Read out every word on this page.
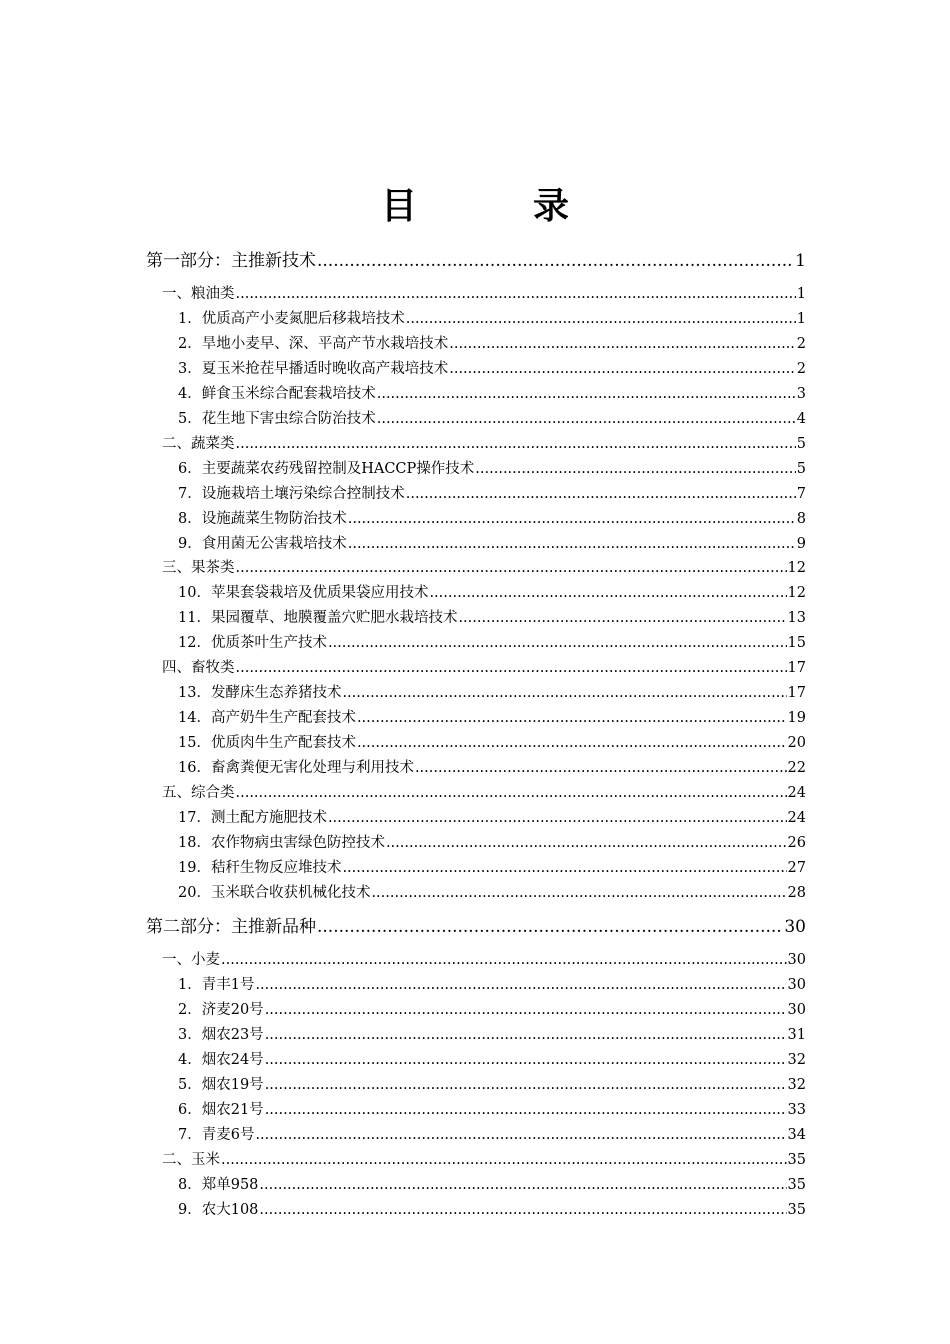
目　录
第一部分：主推新技术 .....	1
一、粮油类 .....	1
1．优质高产小麦氮肥后移栽培技术 .....	1
2．旱地小麦早、深、平高产节水栽培技术 .....	2
3．夏玉米抢茬早播适时晚收高产栽培技术 .....	2
4．鲜食玉米综合配套栽培技术 .....	3
5．花生地下害虫综合防治技术 .....	4
二、蔬菜类 .....	5
6．主要蔬菜农药残留控制及HACCP操作技术 .....	5
7．设施栽培土壤污染综合控制技术 .....	7
8．设施蔬菜生物防治技术 .....	8
9．食用菌无公害栽培技术 .....	9
三、果茶类 .....	12
10．苹果套袋栽培及优质果袋应用技术 .....	12
11．果园覆草、地膜覆盖穴贮肥水栽培技术 .....	13
12．优质茶叶生产技术 .....	15
四、畜牧类 .....	17
13．发酵床生态养猪技术 .....	17
14．高产奶牛生产配套技术 .....	19
15．优质肉牛生产配套技术 .....	20
16．畜禽粪便无害化处理与利用技术 .....	22
五、综合类 .....	24
17．测土配方施肥技术 .....	24
18．农作物病虫害绿色防控技术 .....	26
19．秸秆生物反应堆技术 .....	27
20．玉米联合收获机械化技术 .....	28
第二部分：主推新品种 .....	30
一、小麦 .....	30
1．青丰1号 .....	30
2．济麦20号 .....	30
3．烟农23号 .....	31
4．烟农24号 .....	32
5．烟农19号 .....	32
6．烟农21号 .....	33
7．青麦6号 .....	34
二、玉米 .....	35
8．郑单958 .....	35
9．农大108 .....	35
